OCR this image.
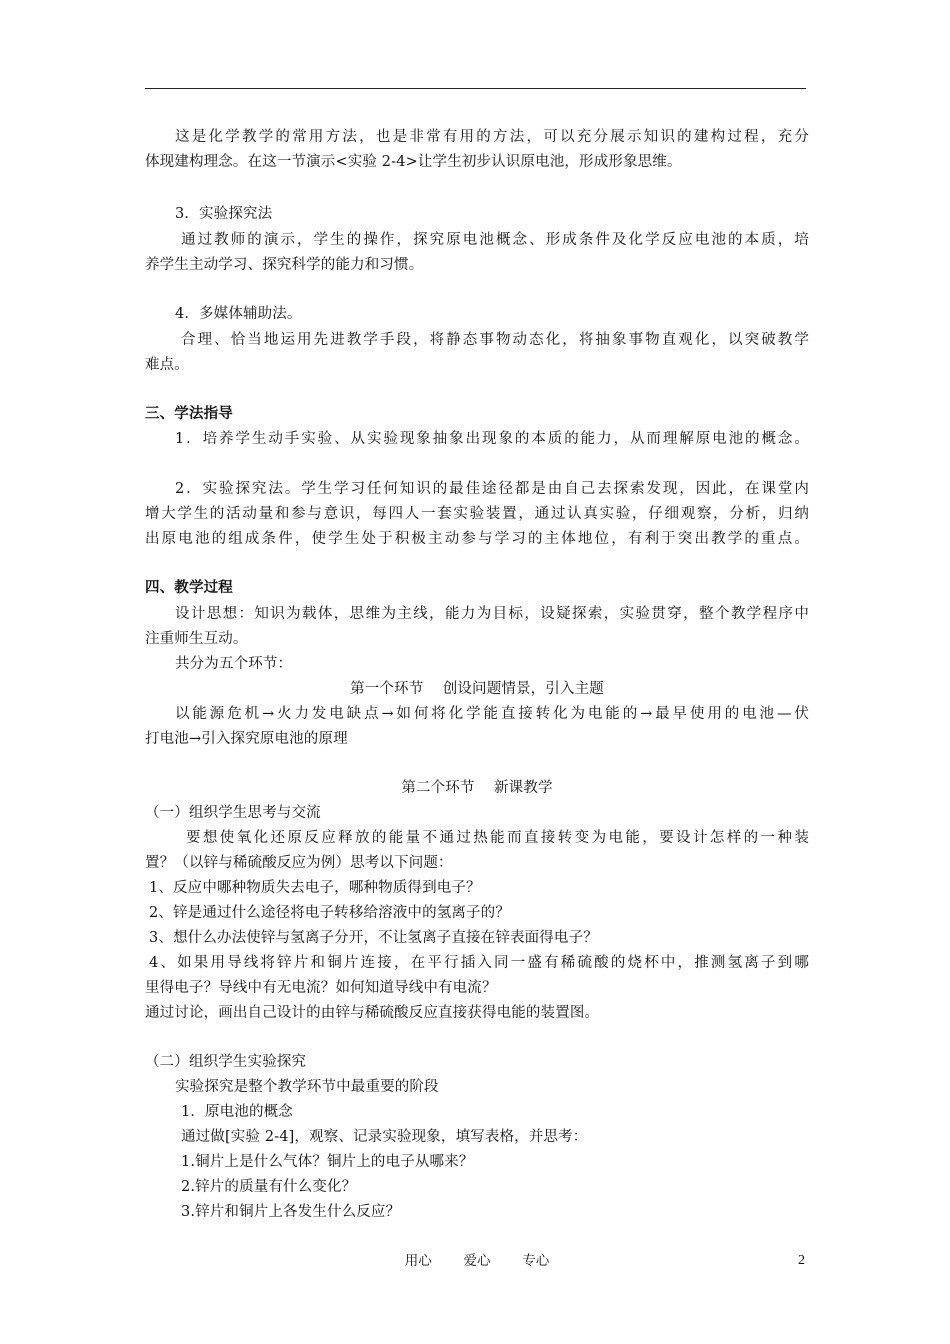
这是化学教学的常用方法，也是非常有用的方法，可以充分展示知识的建构过程，充分
体现建构理念。在这一节演示<实验 2-4>让学生初步认识原电池，形成形象思维。
3．实验探究法
通过教师的演示，学生的操作，探究原电池概念、形成条件及化学反应电池的本质，培
养学生主动学习、探究科学的能力和习惯。
4．多媒体辅助法。
合理、恰当地运用先进教学手段，将静态事物动态化，将抽象事物直观化，以突破教学
难点。
三、学法指导
1．培养学生动手实验、从实验现象抽象出现象的本质的能力，从而理解原电池的概念。
2．实验探究法。学生学习任何知识的最佳途径都是由自己去探索发现，因此，在课堂内
增大学生的活动量和参与意识，每四人一套实验装置，通过认真实验，仔细观察，分析，归纳
出原电池的组成条件，使学生处于积极主动参与学习的主体地位，有利于突出教学的重点。
四、教学过程
设计思想：知识为载体，思维为主线，能力为目标，设疑探索，实验贯穿，整个教学程序中
注重师生互动。
共分为五个环节：
第一个环节　 创设问题情景，引入主题
以能源危机→火力发电缺点→如何将化学能直接转化为电能的→最早使用的电池—伏
打电池→引入探究原电池的原理
第二个环节　 新课教学
（一）组织学生思考与交流
要想使氧化还原反应释放的能量不通过热能而直接转变为电能，要设计怎样的一种装
置？（以锌与稀硫酸反应为例）思考以下问题：
1、反应中哪种物质失去电子，哪种物质得到电子？
2、锌是通过什么途径将电子转移给溶液中的氢离子的？
3、想什么办法使锌与氢离子分开，不让氢离子直接在锌表面得电子？
4、如果用导线将锌片和铜片连接，在平行插入同一盛有稀硫酸的烧杯中，推测氢离子到哪
里得电子？导线中有无电流？如何知道导线中有电流？
通过讨论，画出自己设计的由锌与稀硫酸反应直接获得电能的装置图。
（二）组织学生实验探究
实验探究是整个教学环节中最重要的阶段
1．原电池的概念
通过做[实验 2-4]，观察、记录实验现象，填写表格，并思考：
1.铜片上是什么气体？铜片上的电子从哪来？
2.锌片的质量有什么变化？
3.锌片和铜片上各发生什么反应？
用心　 爱心　 专心	2
